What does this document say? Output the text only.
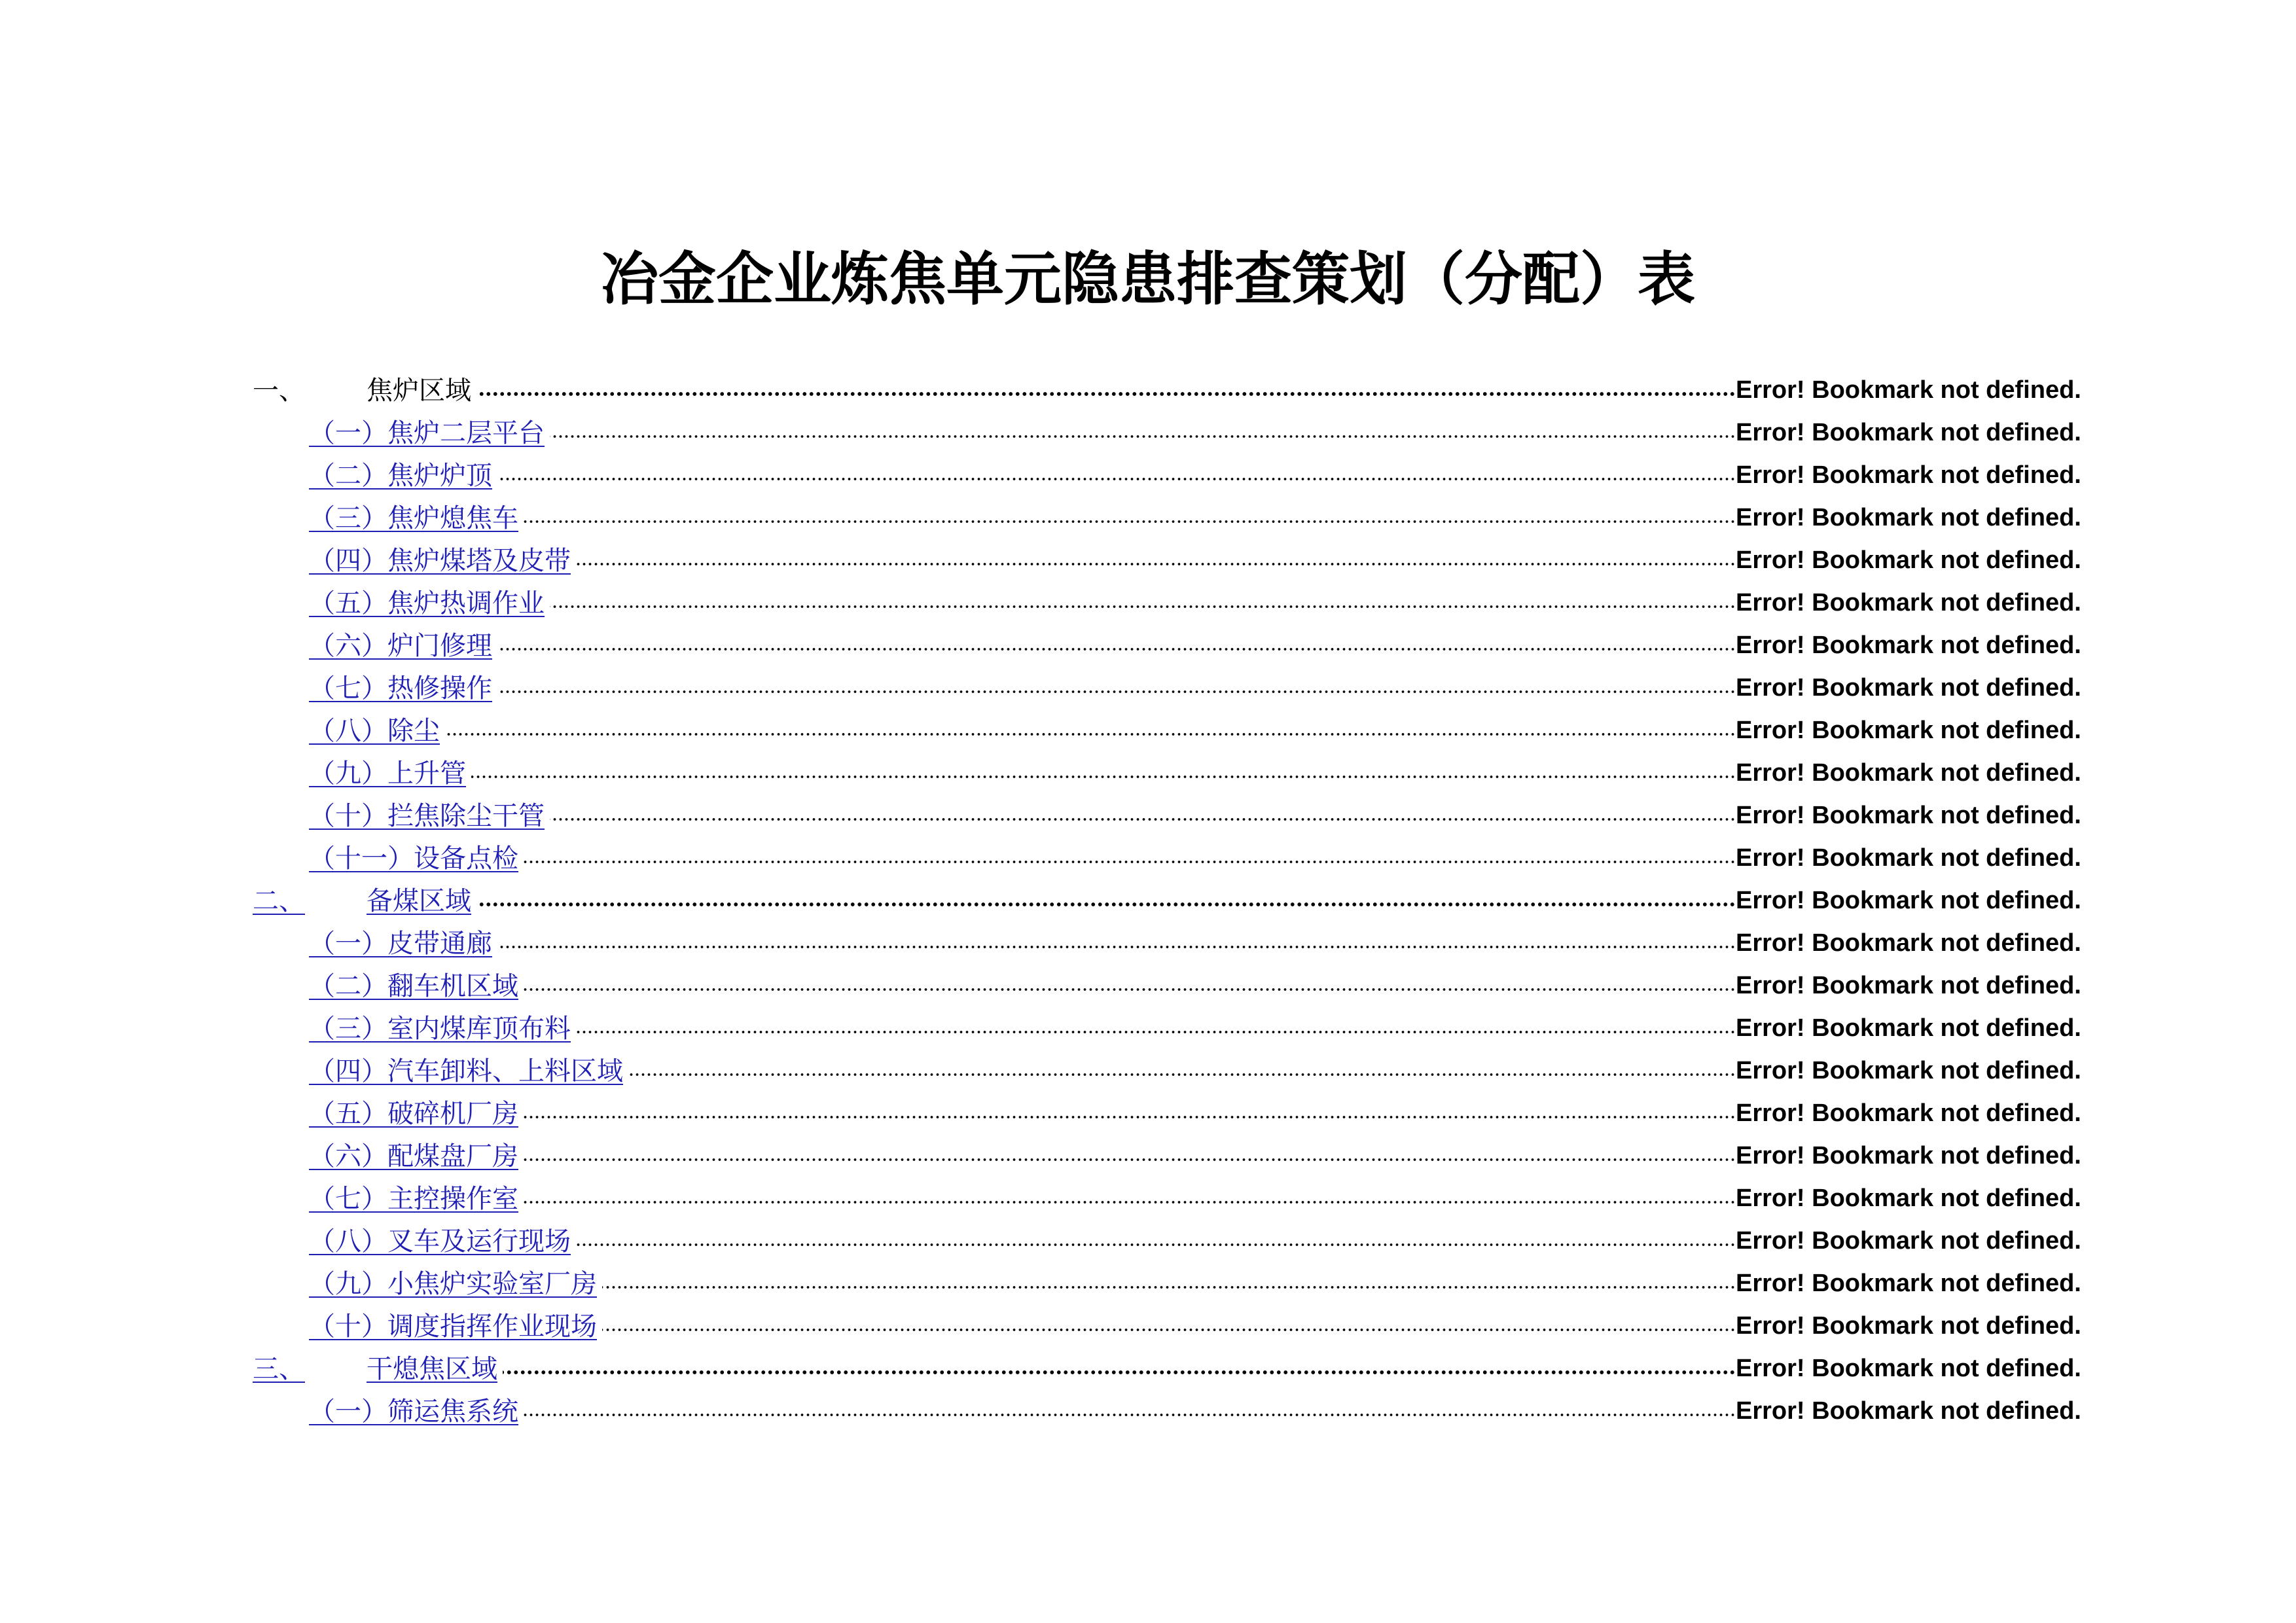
冶金企业炼焦单元隐患排查策划（分配）表
一、	焦炉区域	Error! Bookmark not defined.
（一）焦炉二层平台	Error! Bookmark not defined.
（二）焦炉炉顶	Error! Bookmark not defined.
（三）焦炉熄焦车	Error! Bookmark not defined.
（四）焦炉煤塔及皮带	Error! Bookmark not defined.
（五）焦炉热调作业	Error! Bookmark not defined.
（六）炉门修理	Error! Bookmark not defined.
（七）热修操作	Error! Bookmark not defined.
（八）除尘	Error! Bookmark not defined.
（九）上升管	Error! Bookmark not defined.
（十）拦焦除尘干管	Error! Bookmark not defined.
（十一）设备点检	Error! Bookmark not defined.
二、	备煤区域	Error! Bookmark not defined.
（一）皮带通廊	Error! Bookmark not defined.
（二）翻车机区域	Error! Bookmark not defined.
（三）室内煤库顶布料	Error! Bookmark not defined.
（四）汽车卸料、上料区域	Error! Bookmark not defined.
（五）破碎机厂房	Error! Bookmark not defined.
（六）配煤盘厂房	Error! Bookmark not defined.
（七）主控操作室	Error! Bookmark not defined.
（八）叉车及运行现场	Error! Bookmark not defined.
（九）小焦炉实验室厂房	Error! Bookmark not defined.
（十）调度指挥作业现场	Error! Bookmark not defined.
三、	干熄焦区域	Error! Bookmark not defined.
（一）筛运焦系统	Error! Bookmark not defined.
